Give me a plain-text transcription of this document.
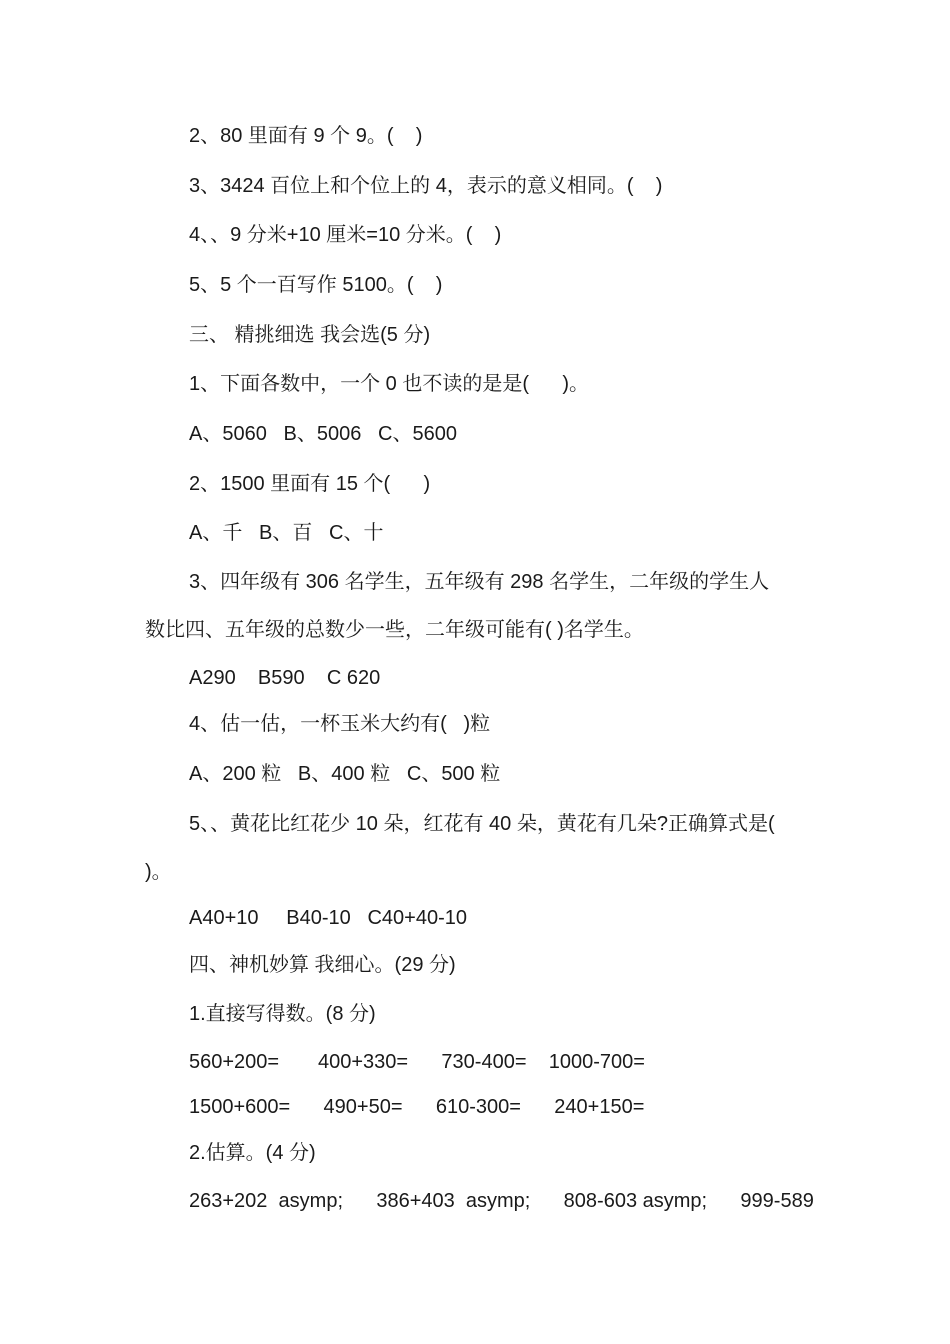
2、80 里面有 9 个 9。(    )
3、3424 百位上和个位上的 4，表示的意义相同。(    )
4、、9 分米+10 厘米=10 分米。(    )
5、5 个一百写作 5100。(    )
三、 精挑细选 我会选(5 分)
1、下面各数中，一个 0 也不读的是是(      )。
A、5060   B、5006   C、5600
2、1500 里面有 15 个(      )
A、千   B、百   C、十
3、四年级有 306 名学生，五年级有 298 名学生，二年级的学生人
数比四、五年级的总数少一些，二年级可能有( )名学生。
A290    B590    C 620
4、估一估，一杯玉米大约有(   )粒
A、200 粒   B、400 粒   C、500 粒
5、、黄花比红花少 10 朵，红花有 40 朵，黄花有几朵?正确算式是(
)。
A40+10     B40-10   C40+40-10
四、神机妙算 我细心。(29 分)
1.直接写得数。(8 分)
560+200=       400+330=      730-400=    1000-700=
1500+600=      490+50=      610-300=      240+150=
2.估算。(4 分)
263+202  asymp;      386+403  asymp;      808-603 asymp;      999-589
